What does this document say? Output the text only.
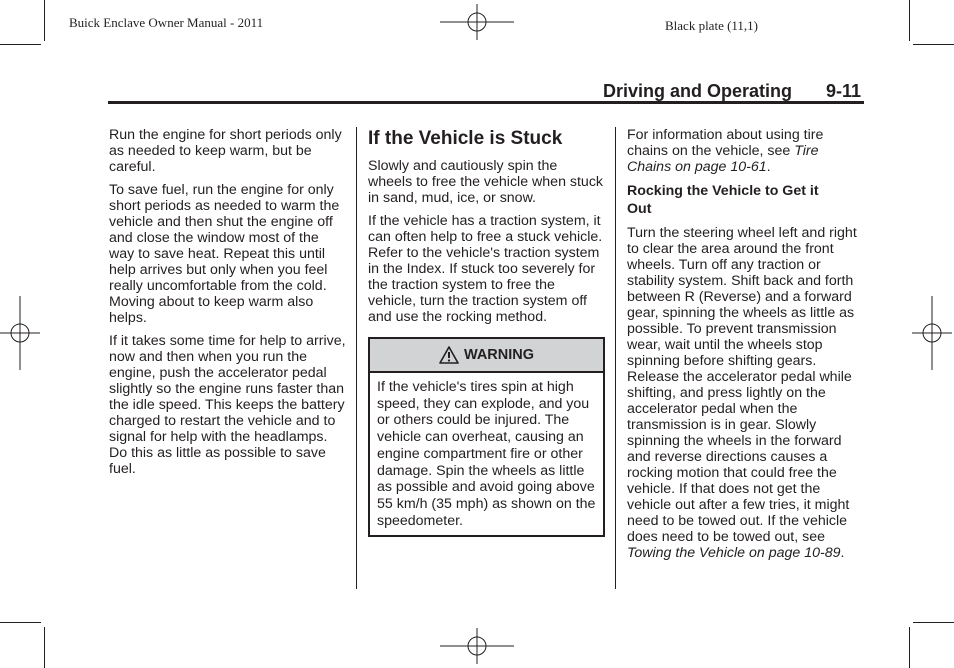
Buick Enclave Owner Manual - 2011	Black plate (11,1)
Driving and Operating 9-11

Run the engine for short periods only as needed to keep warm, but be careful.

To save fuel, run the engine for only short periods as needed to warm the vehicle and then shut the engine off and close the window most of the way to save heat. Repeat this until help arrives but only when you feel really uncomfortable from the cold. Moving about to keep warm also helps.

If it takes some time for help to arrive, now and then when you run the engine, push the accelerator pedal slightly so the engine runs faster than the idle speed. This keeps the battery charged to restart the vehicle and to signal for help with the headlamps. Do this as little as possible to save fuel.

If the Vehicle is Stuck

Slowly and cautiously spin the wheels to free the vehicle when stuck in sand, mud, ice, or snow.

If the vehicle has a traction system, it can often help to free a stuck vehicle. Refer to the vehicle's traction system in the Index. If stuck too severely for the traction system to free the vehicle, turn the traction system off and use the rocking method.

WARNING
If the vehicle's tires spin at high speed, they can explode, and you or others could be injured. The vehicle can overheat, causing an engine compartment fire or other damage. Spin the wheels as little as possible and avoid going above 55 km/h (35 mph) as shown on the speedometer.

For information about using tire chains on the vehicle, see Tire Chains on page 10-61.

Rocking the Vehicle to Get it Out

Turn the steering wheel left and right to clear the area around the front wheels. Turn off any traction or stability system. Shift back and forth between R (Reverse) and a forward gear, spinning the wheels as little as possible. To prevent transmission wear, wait until the wheels stop spinning before shifting gears. Release the accelerator pedal while shifting, and press lightly on the accelerator pedal when the transmission is in gear. Slowly spinning the wheels in the forward and reverse directions causes a rocking motion that could free the vehicle. If that does not get the vehicle out after a few tries, it might need to be towed out. If the vehicle does need to be towed out, see Towing the Vehicle on page 10-89.
